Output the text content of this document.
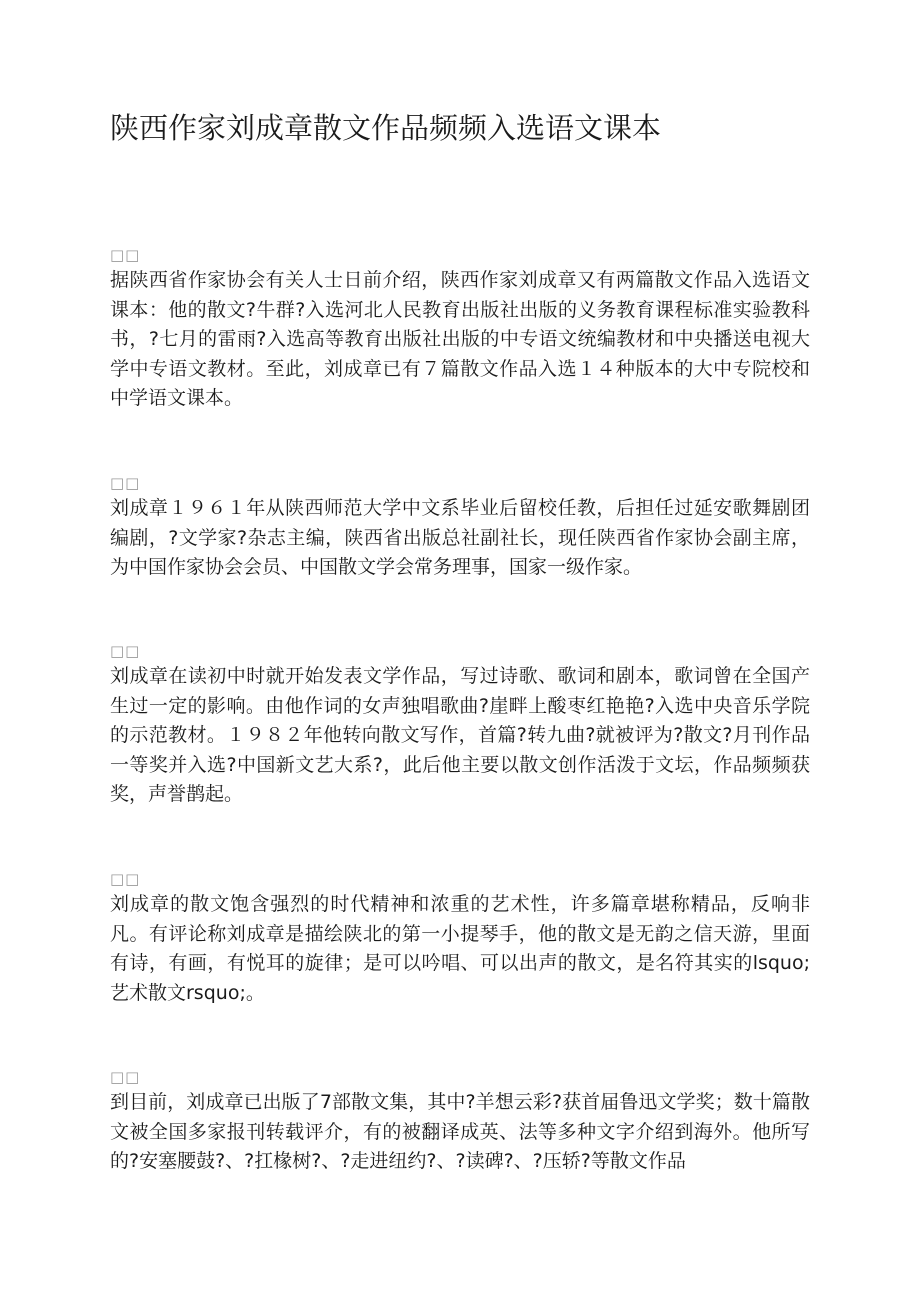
陕西作家刘成章散文作品频频入选语文课本
□□
据陕西省作家协会有关人士日前介绍，陕西作家刘成章又有两篇散文作品入选语文课本：他的散文?牛群?入选河北人民教育出版社出版的义务教育课程标准实验教科书，?七月的雷雨?入选高等教育出版社出版的中专语文统编教材和中央播送电视大学中专语文教材。至此，刘成章已有７篇散文作品入选１４种版本的大中专院校和中学语文课本。
□□
刘成章１９６１年从陕西师范大学中文系毕业后留校任教，后担任过延安歌舞剧团编剧，?文学家?杂志主编，陕西省出版总社副社长，现任陕西省作家协会副主席，为中国作家协会会员、中国散文学会常务理事，国家一级作家。
□□
刘成章在读初中时就开始发表文学作品，写过诗歌、歌词和剧本，歌词曾在全国产生过一定的影响。由他作词的女声独唱歌曲?崖畔上酸枣红艳艳?入选中央音乐学院的示范教材。１９８２年他转向散文写作，首篇?转九曲?就被评为?散文?月刊作品一等奖并入选?中国新文艺大系?，此后他主要以散文创作活泼于文坛，作品频频获奖，声誉鹊起。
□□
刘成章的散文饱含强烈的时代精神和浓重的艺术性，许多篇章堪称精品，反响非凡。有评论称刘成章是描绘陕北的第一小提琴手，他的散文是无韵之信天游，里面有诗，有画，有悦耳的旋律；是可以吟唱、可以出声的散文，是名符其实的lsquo;艺术散文rsquo;。
□□
到目前，刘成章已出版了7部散文集，其中?羊想云彩?获首届鲁迅文学奖；数十篇散文被全国多家报刊转载评介，有的被翻译成英、法等多种文字介绍到海外。他所写的?安塞腰鼓?、?扛椽树?、?走进纽约?、?读碑?、?压轿?等散文作品
